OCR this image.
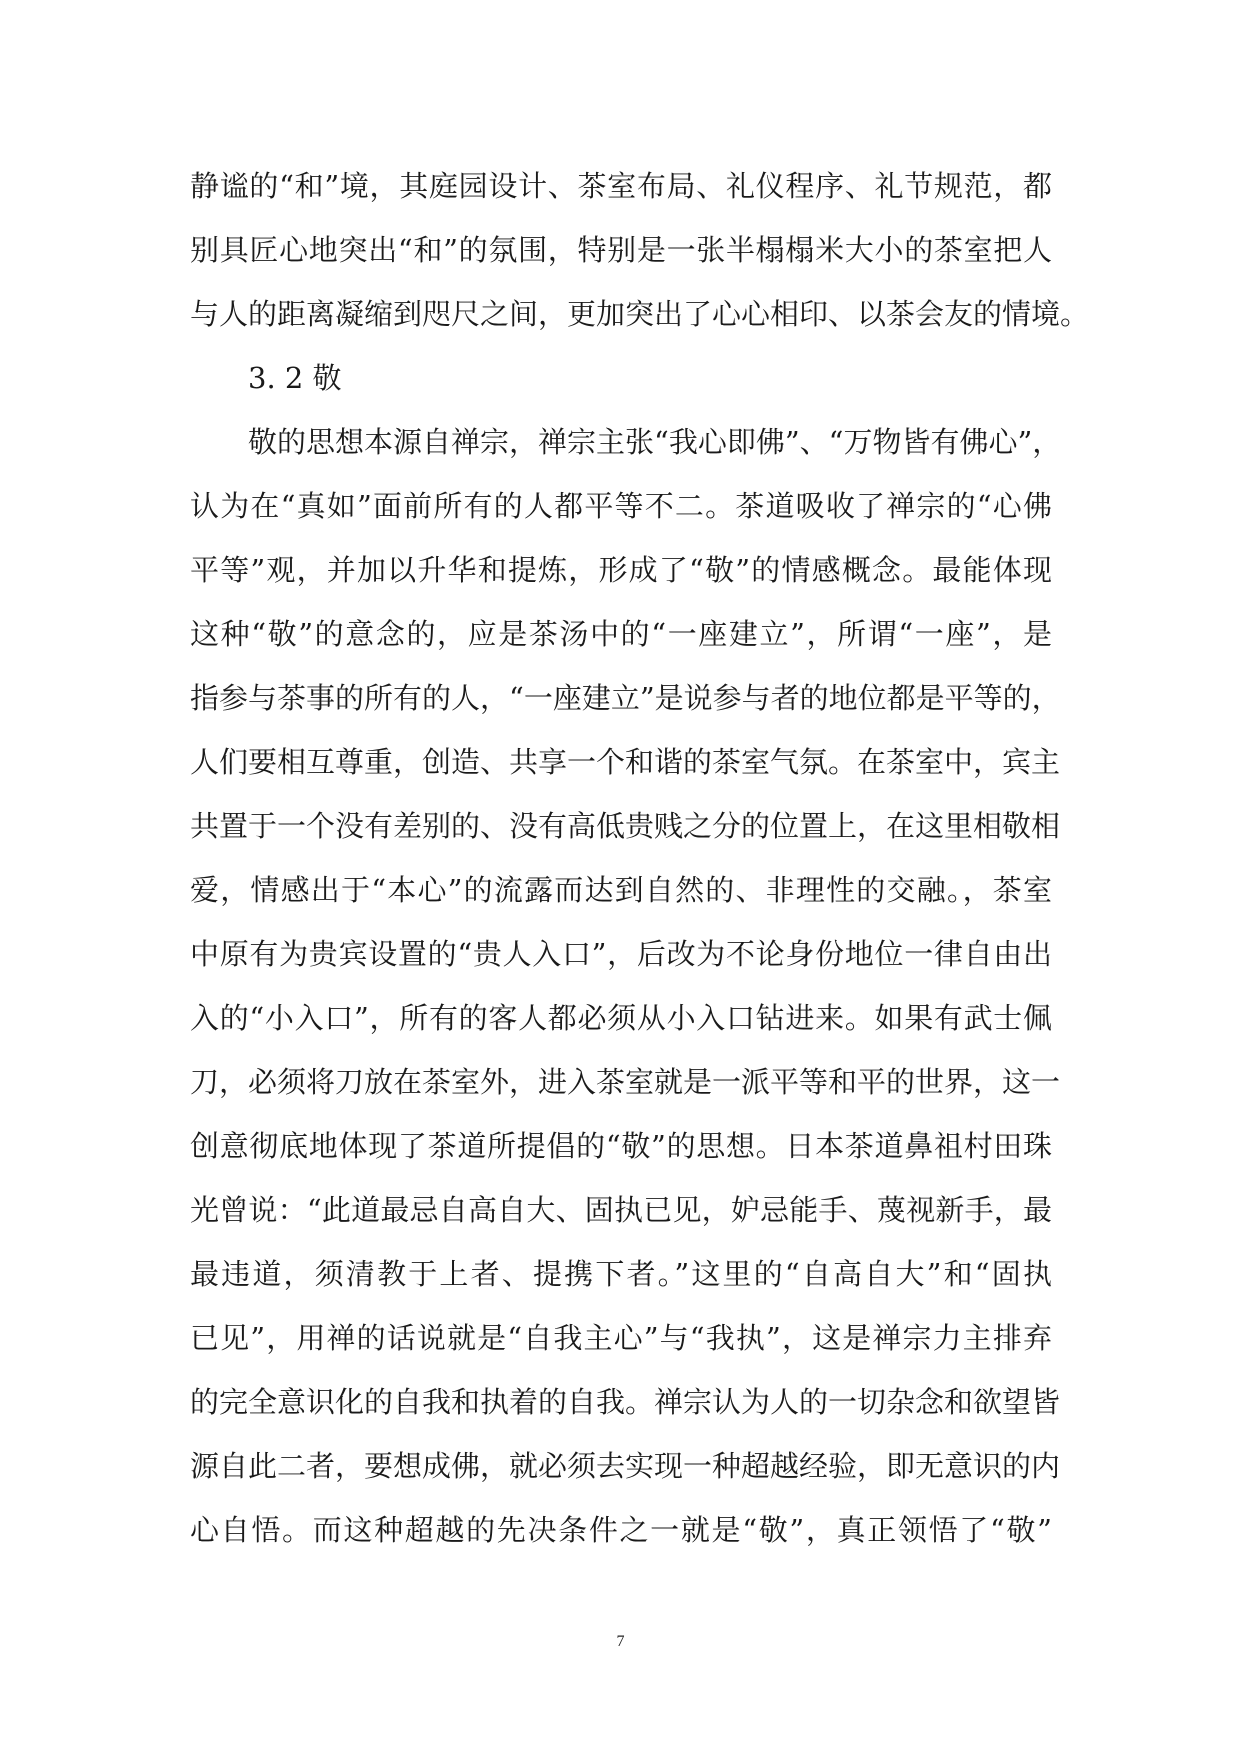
静谧的“和”境，其庭园设计、茶室布局、礼仪程序、礼节规范，都
别具匠心地突出“和”的氛围，特别是一张半榻榻米大小的茶室把人
与人的距离凝缩到咫尺之间，更加突出了心心相印、以茶会友的情境。
3. 2 敬
敬的思想本源自禅宗，禅宗主张“我心即佛”、“万物皆有佛心”，
认为在“真如”面前所有的人都平等不二。茶道吸收了禅宗的“心佛
平等”观，并加以升华和提炼，形成了“敬”的情感概念。最能体现
这种“敬”的意念的，应是茶汤中的“一座建立”，所谓“一座”，是
指参与茶事的所有的人，“一座建立”是说参与者的地位都是平等的，
人们要相互尊重，创造、共享一个和谐的茶室气氛。在茶室中，宾主
共置于一个没有差别的、没有高低贵贱之分的位置上，在这里相敬相
爱，情感出于“本心”的流露而达到自然的、非理性的交融。，茶室
中原有为贵宾设置的“贵人入口”，后改为不论身份地位一律自由出
入的“小入口”，所有的客人都必须从小入口钻进来。如果有武士佩
刀，必须将刀放在茶室外，进入茶室就是一派平等和平的世界，这一
创意彻底地体现了茶道所提倡的“敬”的思想。日本茶道鼻祖村田珠
光曾说：“此道最忌自高自大、固执已见，妒忌能手、蔑视新手，最
最违道，须清教于上者、提携下者。”这里的“自高自大”和“固执
已见”，用禅的话说就是“自我主心”与“我执”，这是禅宗力主排弃
的完全意识化的自我和执着的自我。禅宗认为人的一切杂念和欲望皆
源自此二者，要想成佛，就必须去实现一种超越经验，即无意识的内
心自悟。而这种超越的先决条件之一就是“敬”，真正领悟了“敬”
7
